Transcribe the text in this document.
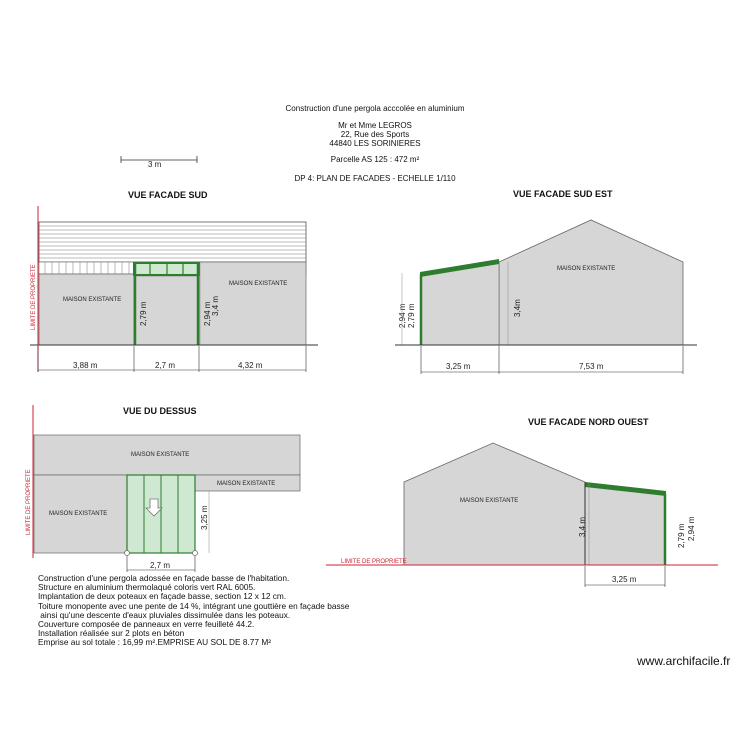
Construction d'une pergola acccolée en aluminium
Mr et Mme LEGROS
22, Rue des Sports
44840 LES SORINIERES
Parcelle AS 125 : 472 m²
DP 4: PLAN DE FACADES - ECHELLE 1/110
VUE FACADE SUD	VUE FACADE SUD EST
VUE DU DESSUS
VUE FACADE NORD OUEST
3 m
MAISON EXISTANTE
MAISON EXISTANTE
2,79 m	2,94 m 3,4 m
LIMITE DE PROPRIETE
3,88 m	2,7 m	4,32 m
MAISON EXISTANTE
2,94 m 2,79 m	3,4m
3,25 m	7,53 m
MAISON EXISTANTE
MAISON EXISTANTE
MAISON EXISTANTE
3,25 m
LIMITE DE PROPRIETE
2,7 m
MAISON EXISTANTE
3,4 m	2,79 m 2,94 m
LIMITE DE PROPRIETE
3,25 m
Construction d'une pergola adossée en façade basse de l'habitation.
Structure en aluminium thermolaqué coloris vert RAL 6005.
Implantation de deux poteaux en façade basse, section 12 x 12 cm.
Toiture monopente avec une pente de 14 %, intégrant une gouttière en façade basse
ainsi qu'une descente d'eaux pluviales dissimulée dans les poteaux.
Couverture composée de panneaux en verre feuilleté 44.2.
Installation réalisée sur 2 plots en béton
Emprise au sol totale : 16,99 m².EMPRISE AU SOL DE 8.77 M²
www.archifacile.fr
